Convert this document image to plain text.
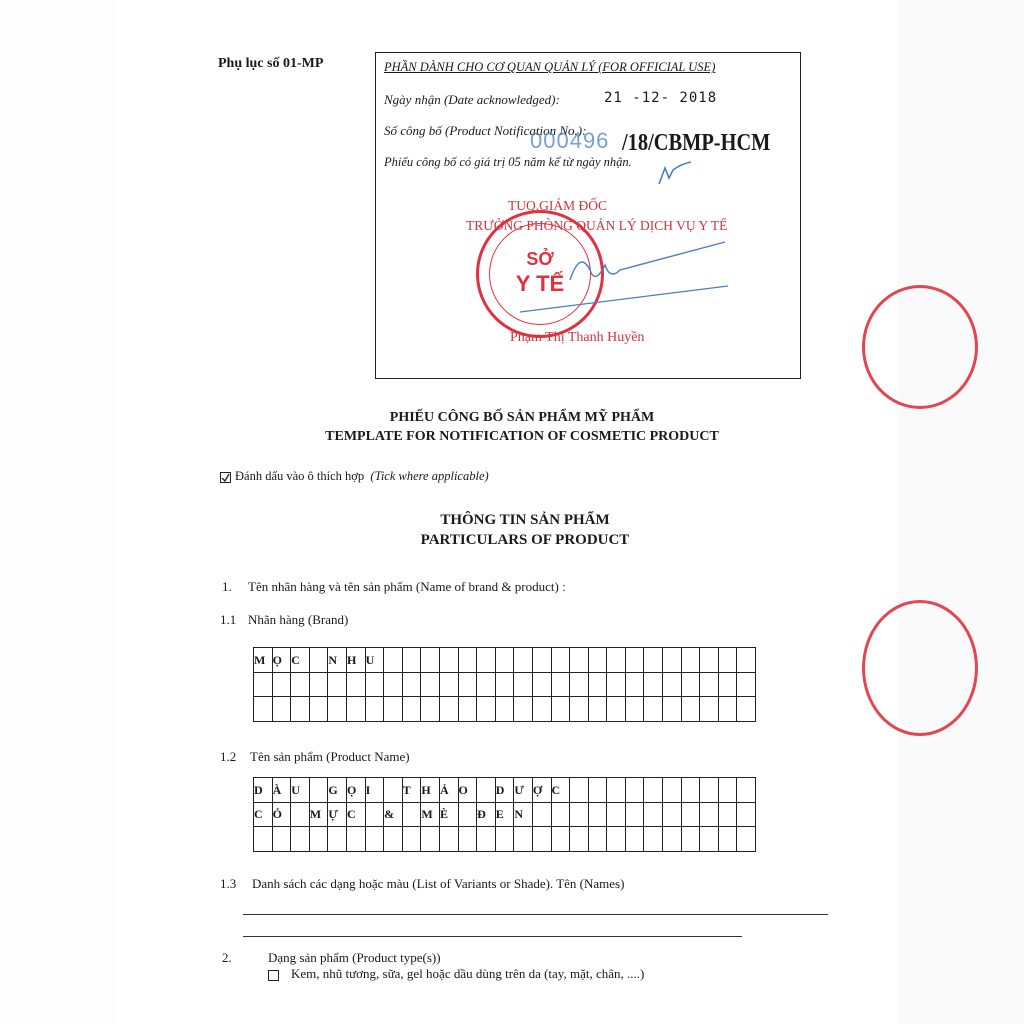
Phụ lục số 01-MP	PHẦN DÀNH CHO CƠ QUAN QUẢN LÝ (FOR OFFICIAL USE)
Ngày nhận (Date acknowledged):	21 -12- 2018
Số công bố (Product Notification No.):
000496 /18/CBMP-HCM
Phiếu công bố có giá trị 05 năm kể từ ngày nhận.
TUQ.GIÁM ĐỐC
TRƯỞNG PHÒNG QUẢN LÝ DỊCH VỤ Y TẾ
SỞ
Y TẾ
Phạm Thị Thanh Huyền
PHIẾU CÔNG BỐ SẢN PHẨM MỸ PHẨM
TEMPLATE FOR NOTIFICATION OF COSMETIC PRODUCT
Đánh dấu vào ô thích hợp (Tick where applicable)
THÔNG TIN SẢN PHẨM
PARTICULARS OF PRODUCT
1. Tên nhãn hàng và tên sản phẩm (Name of brand & product) :
1.1 Nhãn hàng (Brand)
M	Ọ	C		N	H	U																				

1.2 Tên sản phẩm (Product Name)
D	À	U		G	Ọ	I		T	H	Ả	O		D	Ư	Ợ	C										
C	Ỏ		M	Ự	C		&		M	È		Đ	E	N												

1.3 Danh sách các dạng hoặc màu (List of Variants or Shade). Tên (Names)
2.	Dạng sản phẩm (Product type(s))
Kem, nhũ tương, sữa, gel hoặc dầu dùng trên da (tay, mặt, chân, ....)
